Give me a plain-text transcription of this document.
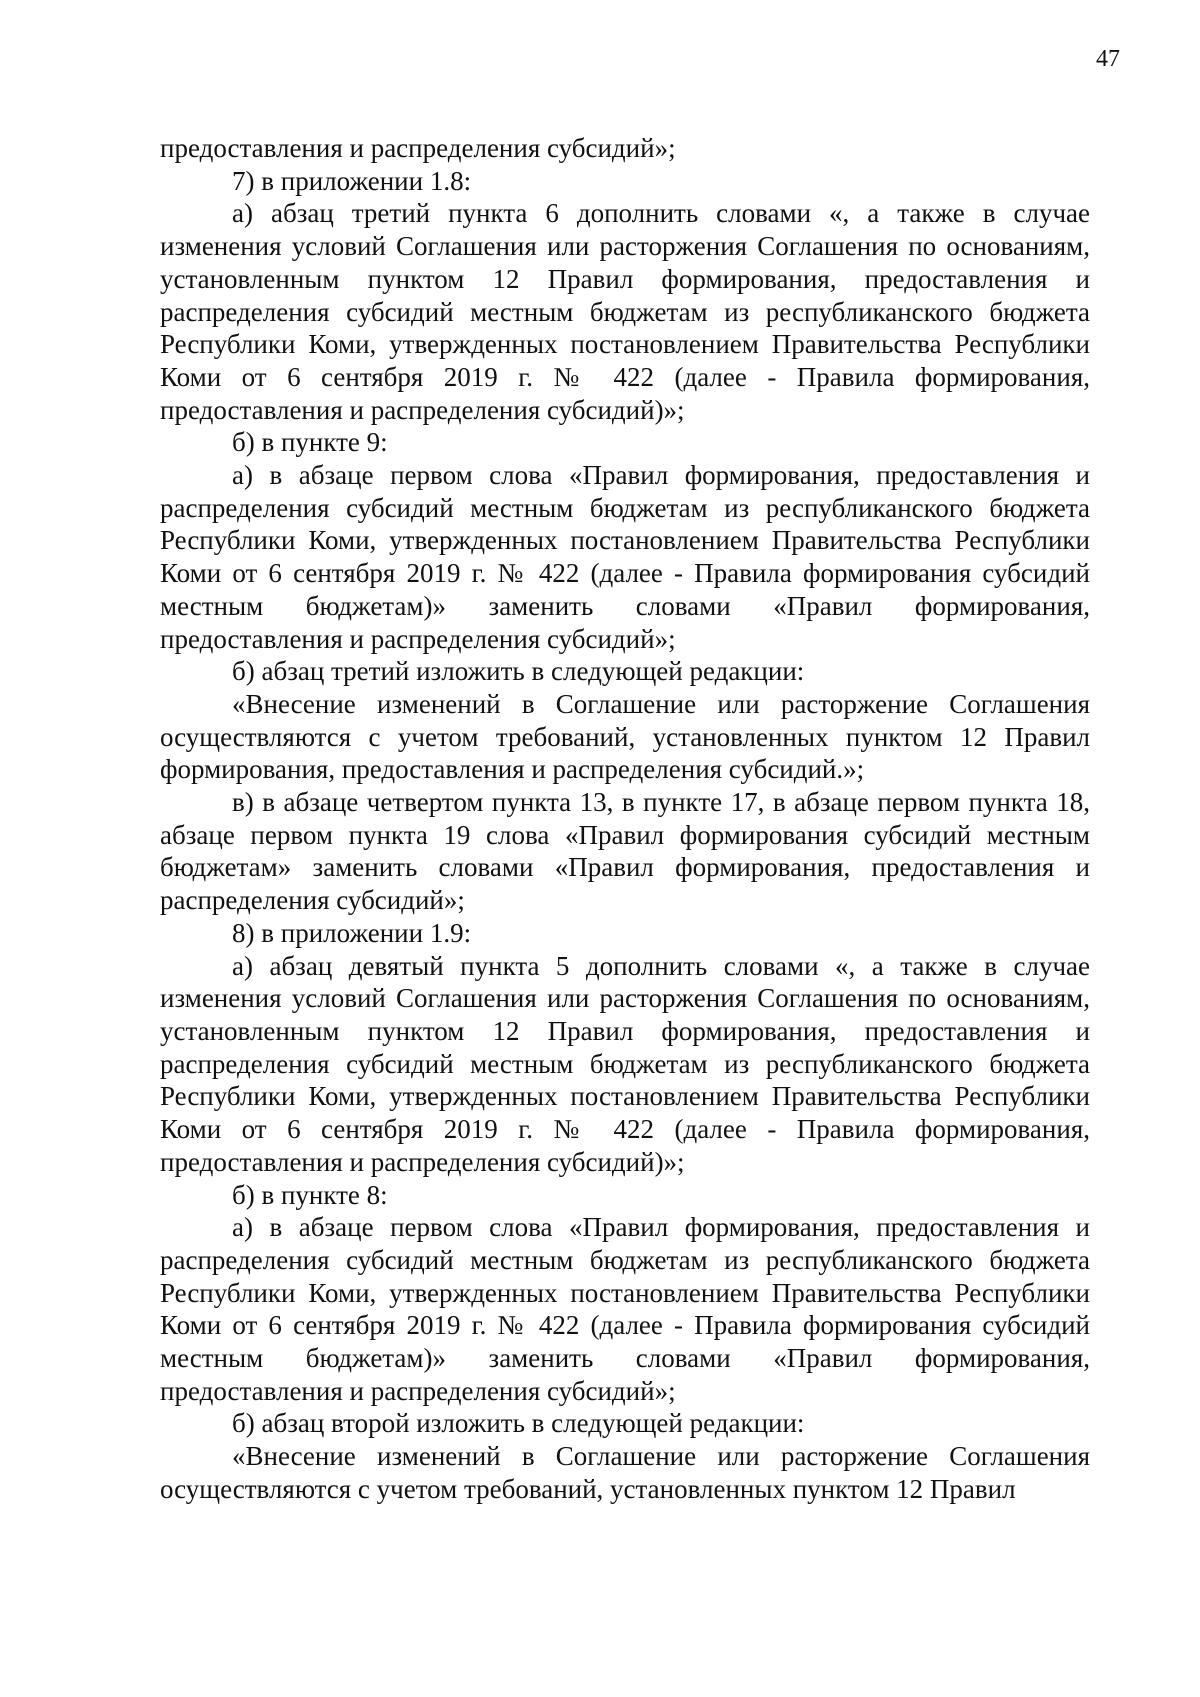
47

предоставления и распределения субсидий»;

7) в приложении 1.8:

а) абзац третий пункта 6 дополнить словами «, а также в случае изменения условий Соглашения или расторжения Соглашения по основаниям, установленным пунктом 12 Правил формирования, предоставления и распределения субсидий местным бюджетам из республиканского бюджета Республики Коми, утвержденных постановлением Правительства Республики Коми от 6 сентября 2019 г. № 422 (далее - Правила формирования, предоставления и распределения субсидий)»;

б) в пункте 9:

а) в абзаце первом слова «Правил формирования, предоставления и распределения субсидий местным бюджетам из республиканского бюджета Республики Коми, утвержденных постановлением Правительства Республики Коми от 6 сентября 2019 г. № 422 (далее - Правила формирования субсидий местным бюджетам)» заменить словами «Правил формирования, предоставления и распределения субсидий»;

б) абзац третий изложить в следующей редакции:

«Внесение изменений в Соглашение или расторжение Соглашения осуществляются с учетом требований, установленных пунктом 12 Правил формирования, предоставления и распределения субсидий.»;

в) в абзаце четвертом пункта 13, в пункте 17, в абзаце первом пункта 18, абзаце первом пункта 19 слова «Правил формирования субсидий местным бюджетам» заменить словами «Правил формирования, предоставления и распределения субсидий»;

8) в приложении 1.9:

а) абзац девятый пункта 5 дополнить словами «, а также в случае изменения условий Соглашения или расторжения Соглашения по основаниям, установленным пунктом 12 Правил формирования, предоставления и распределения субсидий местным бюджетам из республиканского бюджета Республики Коми, утвержденных постановлением Правительства Республики Коми от 6 сентября 2019 г. № 422 (далее - Правила формирования, предоставления и распределения субсидий)»;

б) в пункте 8:

а) в абзаце первом слова «Правил формирования, предоставления и распределения субсидий местным бюджетам из республиканского бюджета Республики Коми, утвержденных постановлением Правительства Республики Коми от 6 сентября 2019 г. № 422 (далее - Правила формирования субсидий местным бюджетам)» заменить словами «Правил формирования, предоставления и распределения субсидий»;

б) абзац второй изложить в следующей редакции:

«Внесение изменений в Соглашение или расторжение Соглашения осуществляются с учетом требований, установленных пунктом 12 Правил
